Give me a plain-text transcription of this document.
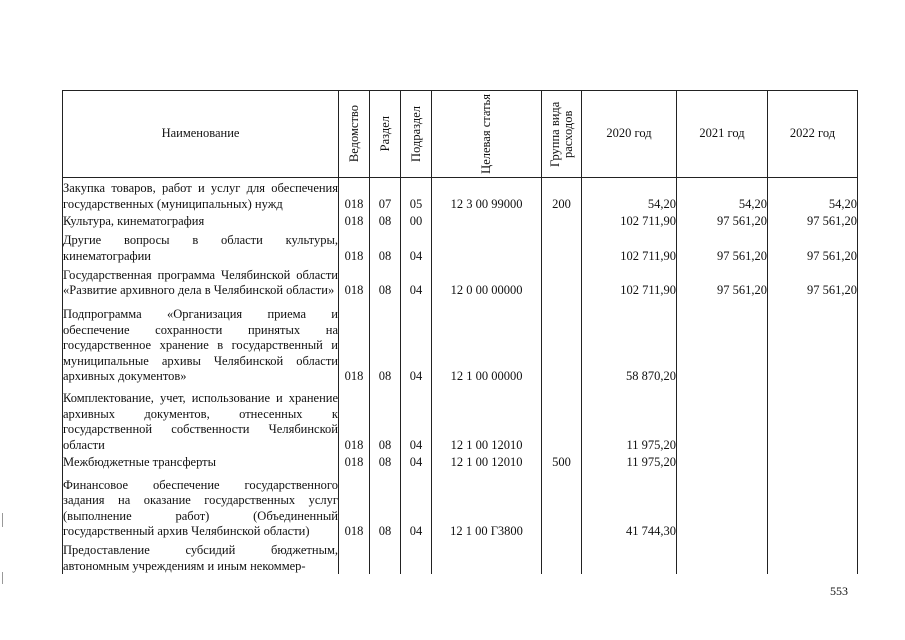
Наименование	Ведомство	Раздел	Подраздел	Целевая статья	Группа вида расходов	2020 год	2021 год	2022 год
Закупка товаров, работ и услуг для обеспечения государственных (муниципальных) нужд	018	07	05	12 3 00 99000	200	54,20	54,20	54,20
Культура, кинематография	018	08	00			102 711,90	97 561,20	97 561,20
Другие вопросы в области культуры, кинематографии	018	08	04			102 711,90	97 561,20	97 561,20
Государственная программа Челябинской области «Развитие архивного дела в Челябинской области»	018	08	04	12 0 00 00000		102 711,90	97 561,20	97 561,20
Подпрограмма «Организация приема и обеспечение сохранности принятых на государственное хранение в государственный и муниципальные архивы Челябинской области архивных документов»	018	08	04	12 1 00 00000		58 870,20		
Комплектование, учет, использование и хранение архивных документов, отнесенных к государственной собственности Челябинской области	018	08	04	12 1 00 12010		11 975,20		
Межбюджетные трансферты	018	08	04	12 1 00 12010	500	11 975,20		
Финансовое обеспечение государственного задания на оказание государственных услуг (выполнение работ) (Объединенный государственный архив Челябинской области)	018	08	04	12 1 00 Г3800		41 744,30		
Предоставление субсидий бюджетным, автономным учреждениям и иным некоммер-								
553
